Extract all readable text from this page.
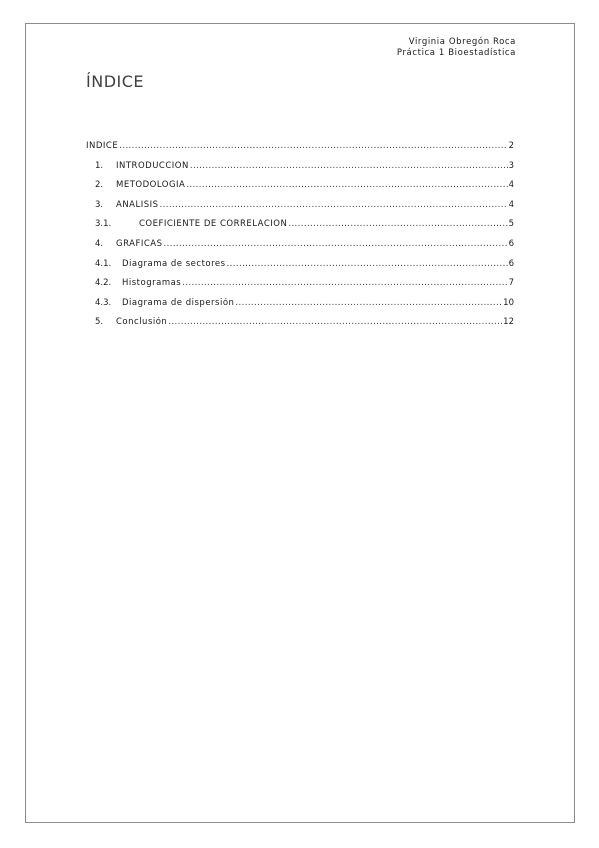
Virginia Obregón Roca
Práctica 1 Bioestadística
ÍNDICE
ÍNDICE .....	2
1.	INTRODUCCIÓN .....	3
2.	METODOLOGÍA .....	4
3.	ANÁLISIS .....	4
3.1.	COEFICIENTE DE CORRELACIÓN .....	5
4.	GRÁFICAS .....	6
4.1.	Diagrama de sectores .....	6
4.2.	Histogramas .....	7
4.3.	Diagrama de dispersión .....	10
5.	Conclusión .....	12
